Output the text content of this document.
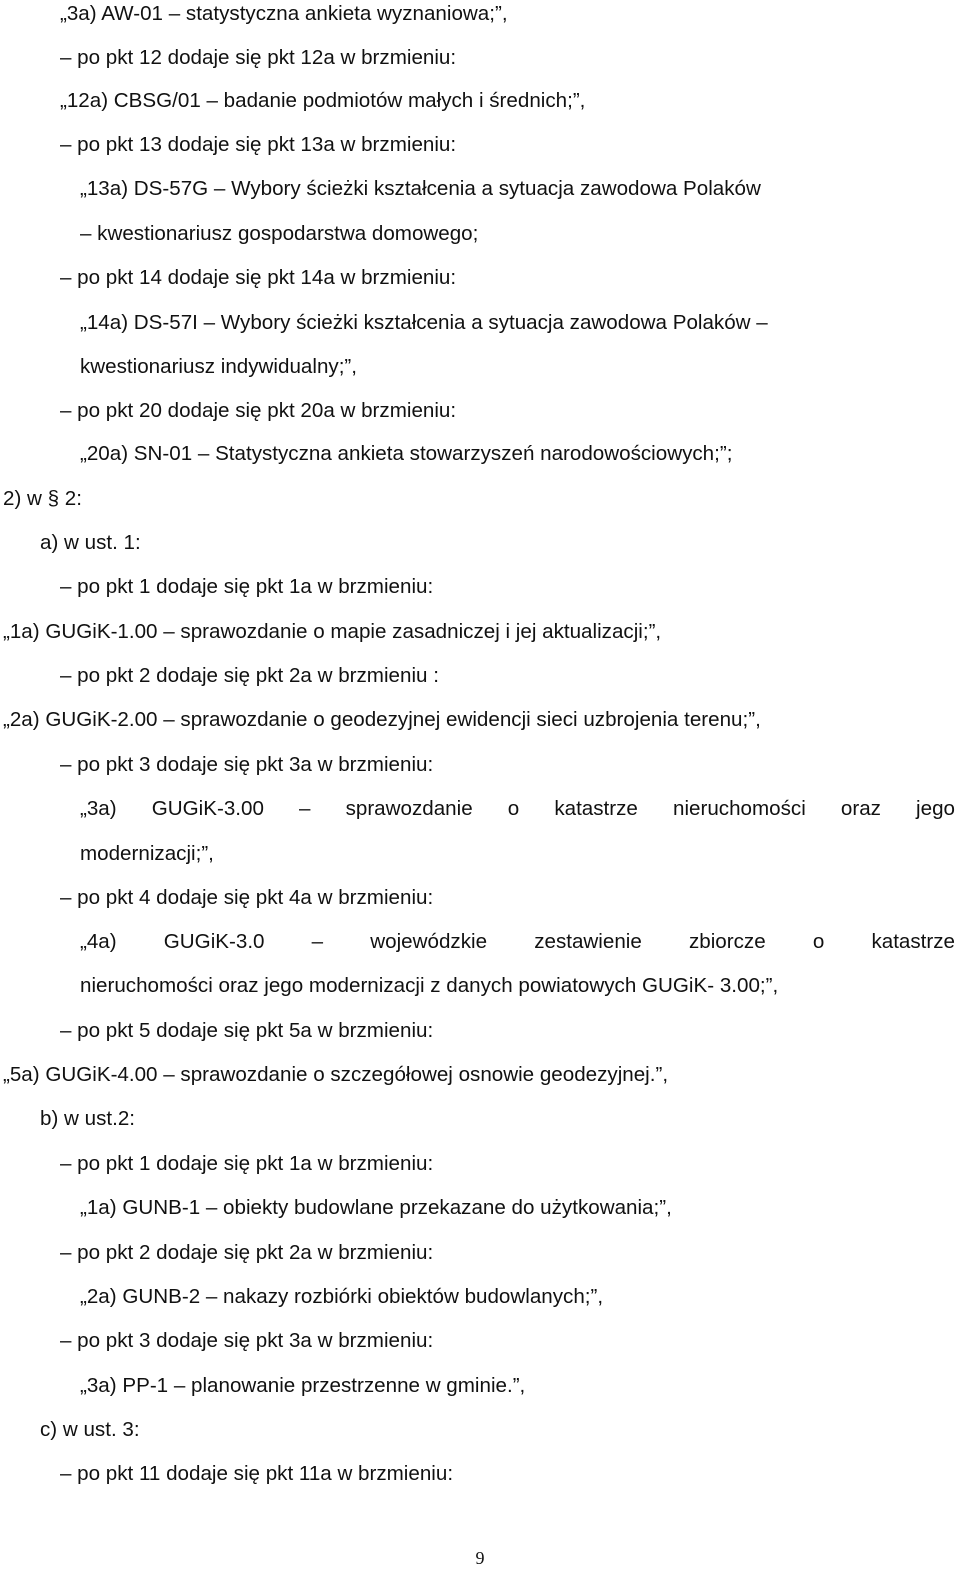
„3a) AW-01 – statystyczna ankieta wyznaniowa;”,
– po pkt 12 dodaje się pkt 12a w brzmieniu:
„12a) CBSG/01 – badanie podmiotów małych i średnich;”,
– po pkt 13 dodaje się pkt 13a w brzmieniu:
„13a) DS-57G – Wybory ścieżki kształcenia a sytuacja zawodowa Polaków
– kwestionariusz gospodarstwa domowego;
– po pkt 14 dodaje się pkt 14a w brzmieniu:
„14a) DS-57I – Wybory ścieżki kształcenia a sytuacja zawodowa Polaków –
kwestionariusz indywidualny;”,
– po pkt 20 dodaje się pkt 20a w brzmieniu:
„20a) SN-01 – Statystyczna ankieta stowarzyszeń narodowościowych;”;
2) w § 2:
a) w ust. 1:
– po pkt 1 dodaje się pkt 1a w brzmieniu:
„1a) GUGiK-1.00 – sprawozdanie o mapie zasadniczej i jej aktualizacji;”,
– po pkt 2 dodaje się pkt 2a w brzmieniu :
„2a) GUGiK-2.00 – sprawozdanie o geodezyjnej ewidencji sieci uzbrojenia terenu;”,
– po pkt 3 dodaje się pkt 3a w brzmieniu:
„3a) GUGiK-3.00 – sprawozdanie o katastrze nieruchomości oraz jego
modernizacji;”,
– po pkt 4 dodaje się pkt 4a w brzmieniu:
„4a) GUGiK-3.0 – wojewódzkie zestawienie zbiorcze o katastrze
nieruchomości oraz jego modernizacji z danych powiatowych GUGiK- 3.00;”,
– po pkt 5 dodaje się pkt 5a w brzmieniu:
„5a) GUGiK-4.00 – sprawozdanie o szczegółowej osnowie geodezyjnej.”,
b) w ust.2:
– po pkt 1 dodaje się pkt 1a w brzmieniu:
„1a) GUNB-1 – obiekty budowlane przekazane do użytkowania;”,
– po pkt 2 dodaje się pkt 2a w brzmieniu:
„2a) GUNB-2 – nakazy rozbiórki obiektów budowlanych;”,
– po pkt 3 dodaje się pkt 3a w brzmieniu:
„3a) PP-1 – planowanie przestrzenne w gminie.”,
c) w ust. 3:
– po pkt 11 dodaje się pkt 11a w brzmieniu:
9
